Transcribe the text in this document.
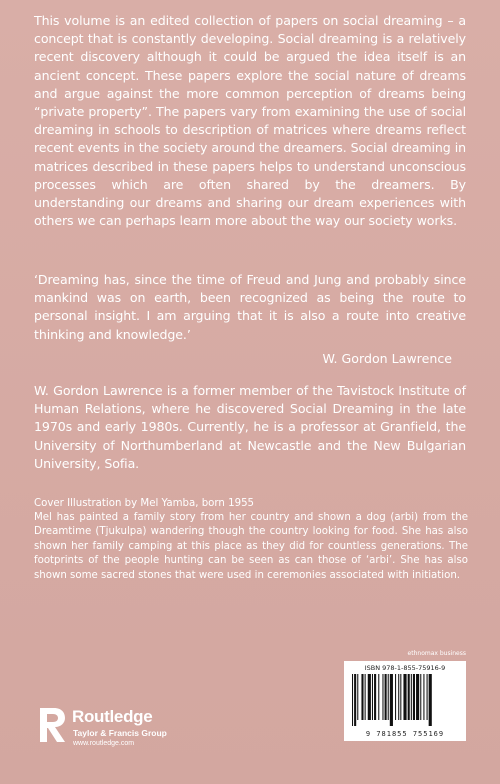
This volume is an edited collection of papers on social dreaming – a concept that is constantly developing. Social dreaming is a relatively recent discovery although it could be argued the idea itself is an ancient concept. These papers explore the social nature of dreams and argue against the more common perception of dreams being “private property”. The papers vary from examining the use of social dreaming in schools to description of matrices where dreams reflect recent events in the society around the dreamers. Social dreaming in matrices described in these papers helps to understand unconscious processes which are often shared by the dreamers. By understanding our dreams and sharing our dream experiences with others we can perhaps learn more about the way our society works.
‘Dreaming has, since the time of Freud and Jung and probably since mankind was on earth, been recognized as being the route to personal insight. I am arguing that it is also a route into creative thinking and knowledge.’
W. Gordon Lawrence
W. Gordon Lawrence is a former member of the Tavistock Institute of Human Relations, where he discovered Social Dreaming in the late 1970s and early 1980s. Currently, he is a professor at Granfield, the University of Northumberland at Newcastle and the New Bulgarian University, Sofia.
Cover Illustration by Mel Yamba, born 1955
Mel has painted a family story from her country and shown a dog (arbi) from the Dreamtime (Tjukulpa) wandering though the country looking for food. She has also shown her family camping at this place as they did for countless generations. The footprints of the people hunting can be seen as can those of ‘arbi’. She has also shown some sacred stones that were used in ceremonies associated with initiation.
ethnomax business
ISBN 978-1-855-75916-9
9 781855 755169
Routledge
Taylor & Francis Group
www.routledge.com
